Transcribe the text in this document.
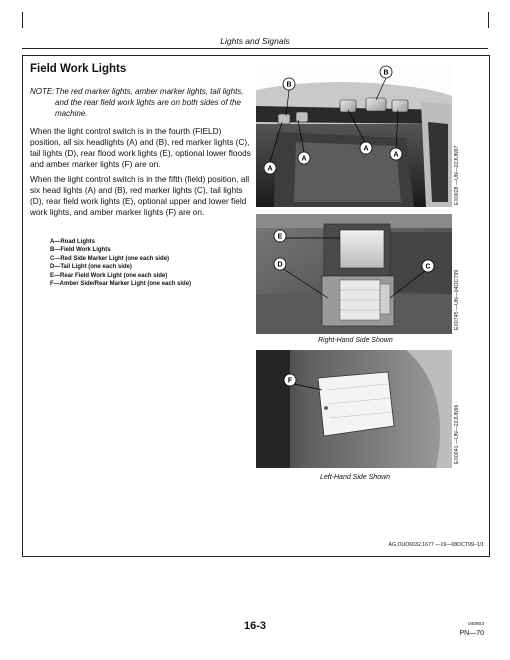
Lights and Signals
Field Work Lights
NOTE: The red marker lights, amber marker lights, tail lights, and the rear field work lights are on both sides of the machine.
When the light control switch is in the fourth (FIELD) position, all six headlights (A) and (B), red marker lights (C), tail lights (D), rear flood work lights (E), optional lower floods and amber marker lights (F) are on.
When the light control switch is in the fifth (field) position, all six head lights (A) and (B), red marker lights (C), tail lights (D), rear field work lights (E), optional upper and lower field work lights, and amber marker lights (F) are on.
A—Road Lights
B—Field Work Lights
C—Red Side Marker Light (one each side)
D—Tail Light (one each side)
E—Rear Field Work Light (one each side)
F—Amber Side/Rear Marker Light (one each side)
B
B
A
A
A
A	EX0028 —UN—22JUN97
E
D	C
EX0745 —UN—04OCT99
Right-Hand Side Shown
F
EX0041 —UN—22JUN96
Left-Hand Side Shown
AG,OUO6032,1677 —19—08OCT99–1/1
16-3	040803
PN—70
